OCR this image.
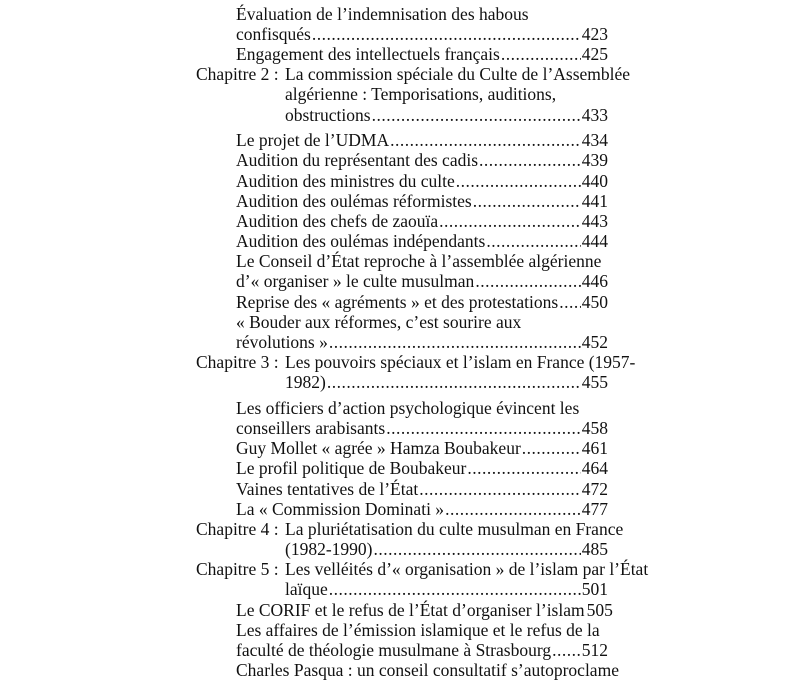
Évaluation de l’indemnisation des habous
confisqués .....	423
Engagement des intellectuels français .....	425
Chapitre 2 : La commission spéciale du Culte de l’Assemblée
algérienne : Temporisations, auditions,
obstructions .....	433
Le projet de l’UDMA .....	434
Audition du représentant des cadis .....	439
Audition des ministres du culte .....	440
Audition des oulémas réformistes .....	441
Audition des chefs de zaouïa .....	443
Audition des oulémas indépendants .....	444
Le Conseil d’État reproche à l’assemblée algérienne
d’« organiser » le culte musulman .....	446
Reprise des « agréments » et des protestations ..... 450
« Bouder aux réformes, c’est sourire aux
révolutions » .....	452
Chapitre 3 : Les pouvoirs spéciaux et l’islam en France (1957-
1982) .....	455
Les officiers d’action psychologique évincent les
conseillers arabisants .....	458
Guy Mollet « agrée » Hamza Boubakeur .....	461
Le profil politique de Boubakeur .....	464
Vaines tentatives de l’État .....	472
La « Commission Dominati » .....	477
Chapitre 4 : La pluriétatisation du culte musulman en France
(1982-1990) .....	485
Chapitre 5 : Les velléités d’« organisation » de l’islam par l’État
laïque .....	501
Le CORIF et le refus de l’État d’organiser l’islam 505
Les affaires de l’émission islamique et le refus de la
faculté de théologie musulmane à Strasbourg ..... 512
Charles Pasqua : un conseil consultatif s’autoproclame
